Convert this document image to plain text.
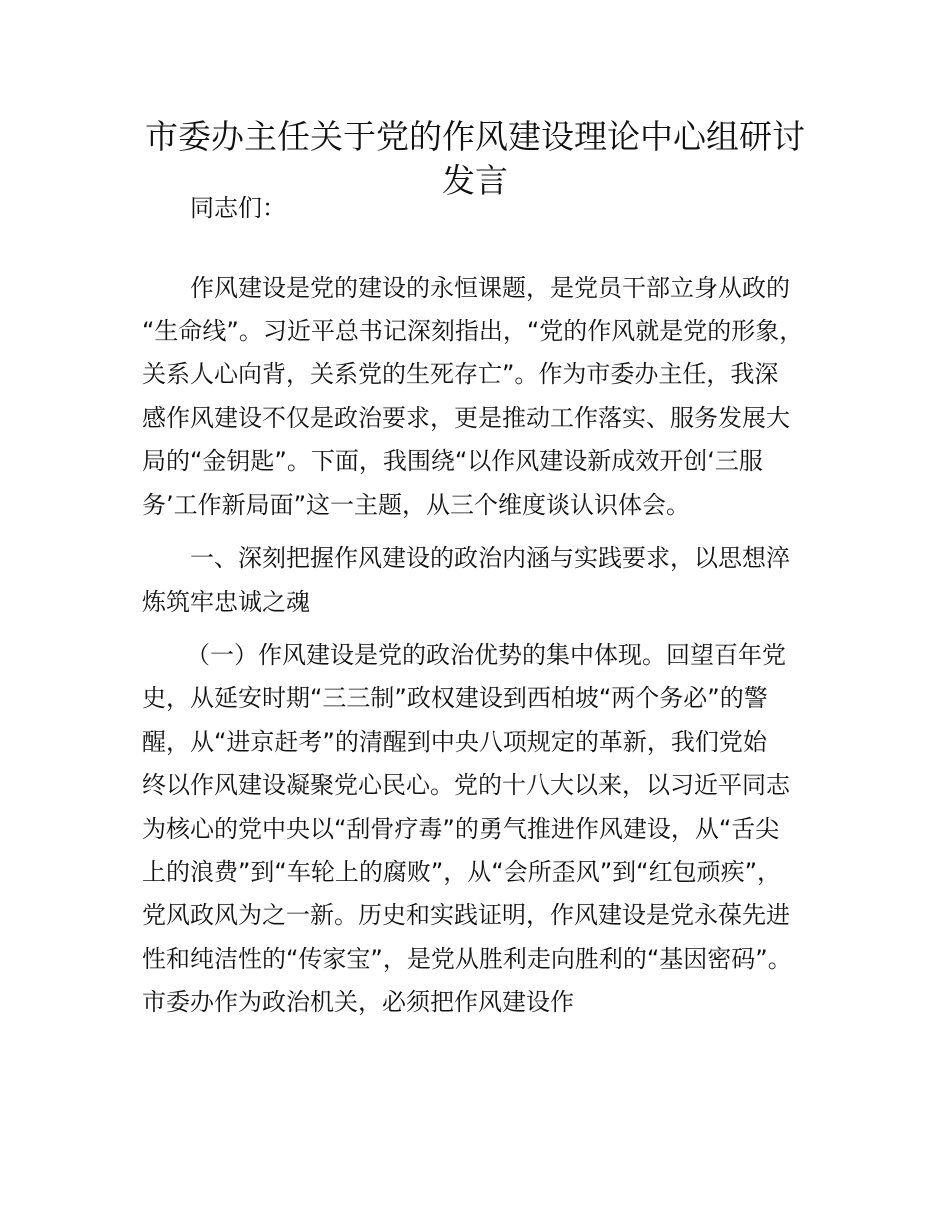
市委办主任关于党的作风建设理论中心组研讨
发言

同志们：

作风建设是党的建设的永恒课题，是党员干部立身从政的

“生命线”。习近平总书记深刻指出，“党的作风就是党的形象，

关系人心向背，关系党的生死存亡”。作为市委办主任，我深

感作风建设不仅是政治要求，更是推动工作落实、服务发展大

局的“金钥匙”。下面，我围绕“以作风建设新成效开创‘三服

务’工作新局面”这一主题，从三个维度谈认识体会。

一、深刻把握作风建设的政治内涵与实践要求，以思想淬

炼筑牢忠诚之魂

（一）作风建设是党的政治优势的集中体现。回望百年党

史，从延安时期“三三制”政权建设到西柏坡“两个务必”的警

醒，从“进京赶考”的清醒到中央八项规定的革新，我们党始

终以作风建设凝聚党心民心。党的十八大以来，以习近平同志

为核心的党中央以“刮骨疗毒”的勇气推进作风建设，从“舌尖

上的浪费”到“车轮上的腐败”，从“会所歪风”到“红包顽疾”，

党风政风为之一新。历史和实践证明，作风建设是党永葆先进

性和纯洁性的“传家宝”，是党从胜利走向胜利的“基因密码”。

市委办作为政治机关，必须把作风建设作
